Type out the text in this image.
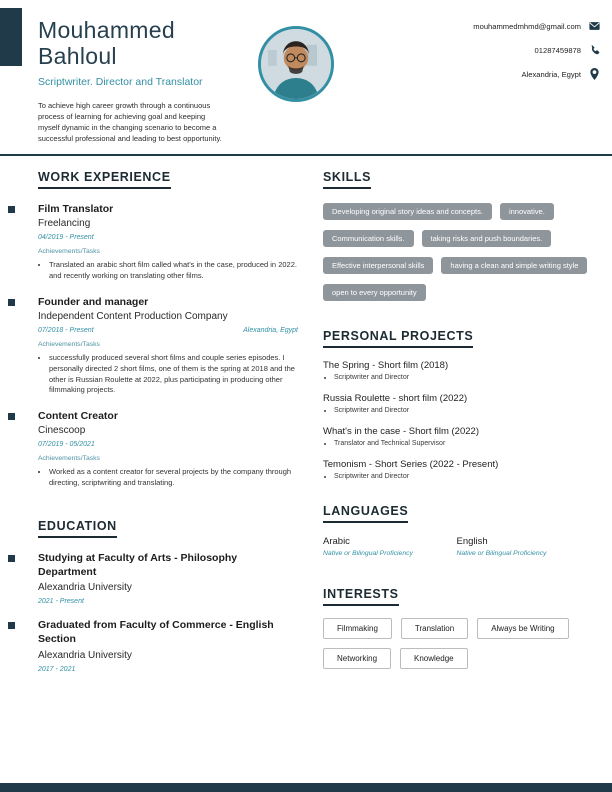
Mouhammed
Bahloul
Scriptwriter. Director and Translator

To achieve high career growth through a continuous process of learning for achieving goal and keeping myself dynamic in the changing scenario to become a successful professional and leading to best opportunity.

mouhammedmhmd@gmail.com
01287459878
Alexandria, Egypt
WORK EXPERIENCE
Film Translator
Freelancing
04/2019 - Present
Achievements/Tasks
• Translated an arabic short film called what's in the case, produced in 2022. and recently working on translating other films.
Founder and manager
Independent Content Production Company
07/2018 - Present	Alexandria, Egypt
Achievements/Tasks
• successfully produced several short films and couple series episodes. I personally directed 2 short films, one of them is the spring at 2018 and the other is Russian Roulette at 2022, plus participating in producing other filmmaking projects.
Content Creator
Cinescoop
07/2019 - 05/2021
Achievements/Tasks
• Worked as a content creator for several projects by the company through directing, scriptwriting and translating.
EDUCATION
Studying at Faculty of Arts - Philosophy Department
Alexandria University
2021 - Present
Graduated from Faculty of Commerce - English Section
Alexandria University
2017 - 2021
SKILLS
Developing original story ideas and concepts.	innovative.
Communication skills.	taking risks and push boundaries.
Effective interpersonal skills	having a clean and simple writing style
open to every opportunity
PERSONAL PROJECTS
The Spring - Short film (2018)
• Scriptwriter and Director
Russia Roulette - short film (2022)
• Scriptwriter and Director
What's in the case - Short film (2022)
• Translator and Technical Supervisor
Temonism - Short Series (2022 - Present)
• Scriptwriter and Director
LANGUAGES
Arabic
Native or Bilingual Proficiency
English
Native or Bilingual Proficiency
INTERESTS
Filmmaking	Translation	Always be Writing
Networking	Knowledge
